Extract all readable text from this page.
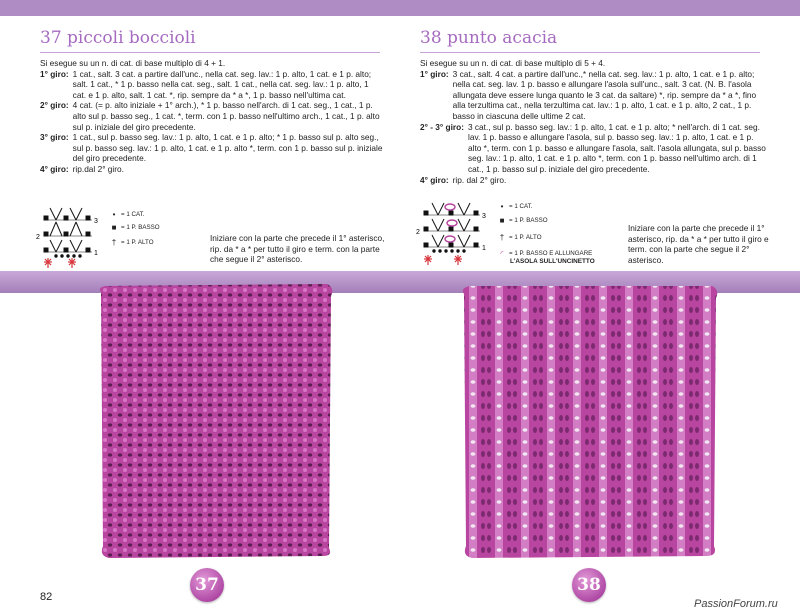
37 piccoli boccioli
Si esegue su un n. di cat. di base multiplo di 4 + 1.
1° giro: 1 cat., salt. 3 cat. a partire dall'unc., nella cat. seg. lav.: 1 p. alto, 1 cat. e 1 p. alto; salt. 1 cat., * 1 p. basso nella cat. seg., salt. 1 cat., nella cat. seg. lav.: 1 p. alto, 1 cat. e 1 p. alto, salt. 1 cat. *, rip. sempre da * a *, 1 p. basso nell'ultima cat.
2° giro: 4 cat. (= p. alto iniziale + 1° arch.), * 1 p. basso nell'arch. di 1 cat. seg., 1 cat., 1 p. alto sul p. basso seg., 1 cat. *, term. con 1 p. basso nell'ultimo arch., 1 cat., 1 p. alto sul p. iniziale del giro precedente.
3° giro: 1 cat., sul p. basso seg. lav.: 1 p. alto, 1 cat. e 1 p. alto; * 1 p. basso sul p. alto seg., sul p. basso seg. lav.: 1 p. alto, 1 cat. e 1 p. alto *, term. con 1 p. basso sul p. iniziale del giro precedente.
4° giro: rip.dal 2° giro.
3
2
1
• = 1 CAT.
■ = 1 P. BASSO
† = 1 P. ALTO	Iniziare con la parte che precede il 1° asterisco, rip. da * a * per tutto il giro e term. con la parte che segue il 2° asterisco.
37
82
38 punto acacia
Si esegue su un n. di cat. di base multiplo di 5 + 4.
1° giro: 3 cat., salt. 4 cat. a partire dall'unc.,* nella cat. seg. lav.: 1 p. alto, 1 cat. e 1 p. alto; nella cat. seg. lav. 1 p. basso e allungare l'asola sull'unc., salt. 3 cat. (N. B. l'asola allungata deve essere lunga quanto le 3 cat. da saltare) *, rip. sempre da * a *, fino alla terzultima cat., nella terzultima cat. lav.: 1 p. alto, 1 cat. e 1 p. alto, 2 cat., 1 p. basso in ciascuna delle ultime 2 cat.
2° - 3° giro: 3 cat., sul p. basso seg. lav.: 1 p. alto, 1 cat. e 1 p. alto; * nell'arch. di 1 cat. seg. lav. 1 p. basso e allungare l'asola, sul p. basso seg. lav.: 1 p. alto, 1 cat. e 1 p. alto *, term. con 1 p. basso e allungare l'asola, salt. l'asola allungata, sul p. basso seg. lav.: 1 p. alto, 1 cat. e 1 p. alto *, term. con 1 p. basso nell'ultimo arch. di 1 cat., 1 p. basso sul p. iniziale del giro precedente.
4° giro: rip. dal 2° giro.
3
2
1
• = 1 CAT.
■ = 1 P. BASSO
† = 1 P. ALTO
◜ = 1 P. BASSO E ALLUNGARE
L'ASOLA SULL'UNCINETTO
Iniziare con la parte che precede il 1° asterisco, rip. da * a * per tutto il giro e term. con la parte che segue il 2° asterisco.
38
PassionForum.ru
